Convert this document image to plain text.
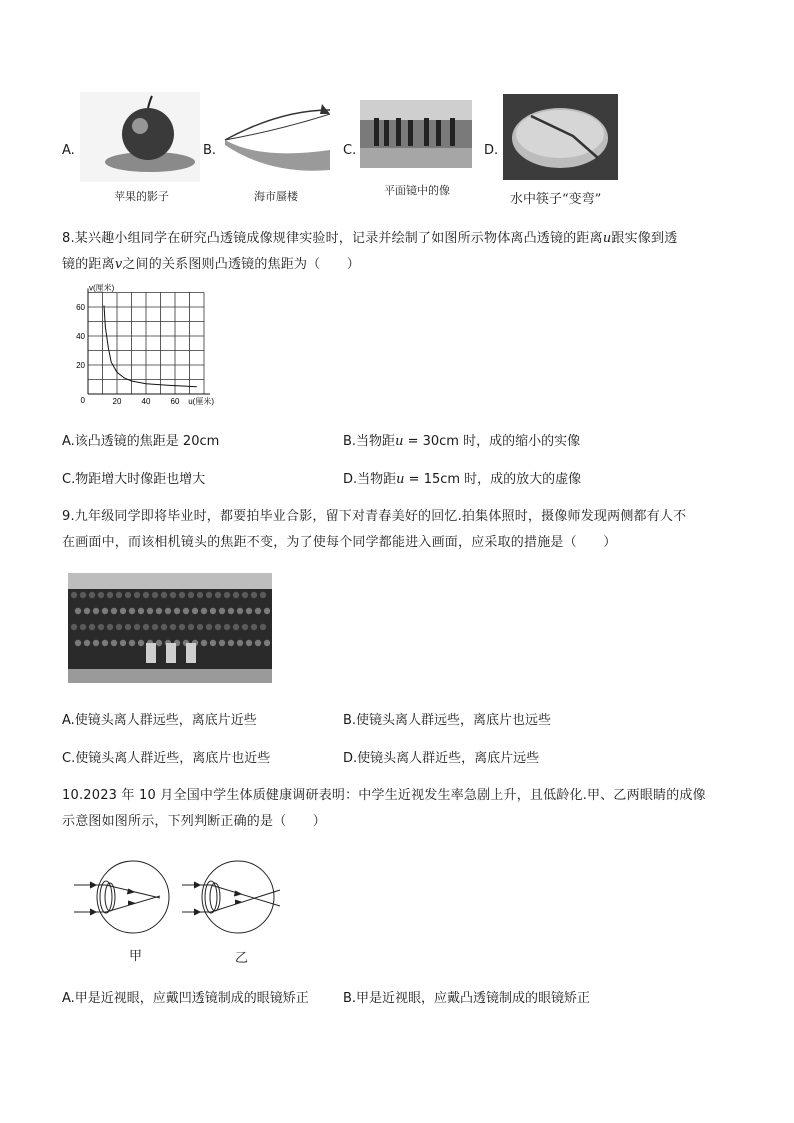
A.
苹果的影子
B.
海市蜃楼
C.
平面镜中的像
D.
水中筷子“变弯”
8.某兴趣小组同学在研究凸透镜成像规律实验时，记录并绘制了如图所示物体离凸透镜的距离u跟实像到透
镜的距离v之间的关系图则凸透镜的焦距为（　　）
20	40	60
20
40
60
0	u(厘米)
v(厘米)
A.该凸透镜的焦距是 20cm	B.当物距u = 30cm 时，成的缩小的实像
C.物距增大时像距也增大	D.当物距u = 15cm 时，成的放大的虚像
9.九年级同学即将毕业时，都要拍毕业合影，留下对青春美好的回忆.拍集体照时，摄像师发现两侧都有人不
在画面中，而该相机镜头的焦距不变，为了使每个同学都能进入画面，应采取的措施是（　　）
A.使镜头离人群远些，离底片近些	B.使镜头离人群远些，离底片也远些
C.使镜头离人群近些，离底片也近些	D.使镜头离人群近些，离底片远些
10.2023 年 10 月全国中学生体质健康调研表明：中学生近视发生率急剧上升，且低龄化.甲、乙两眼睛的成像
示意图如图所示，下列判断正确的是（　　）
甲	乙
A.甲是近视眼，应戴凹透镜制成的眼镜矫正	B.甲是近视眼，应戴凸透镜制成的眼镜矫正
